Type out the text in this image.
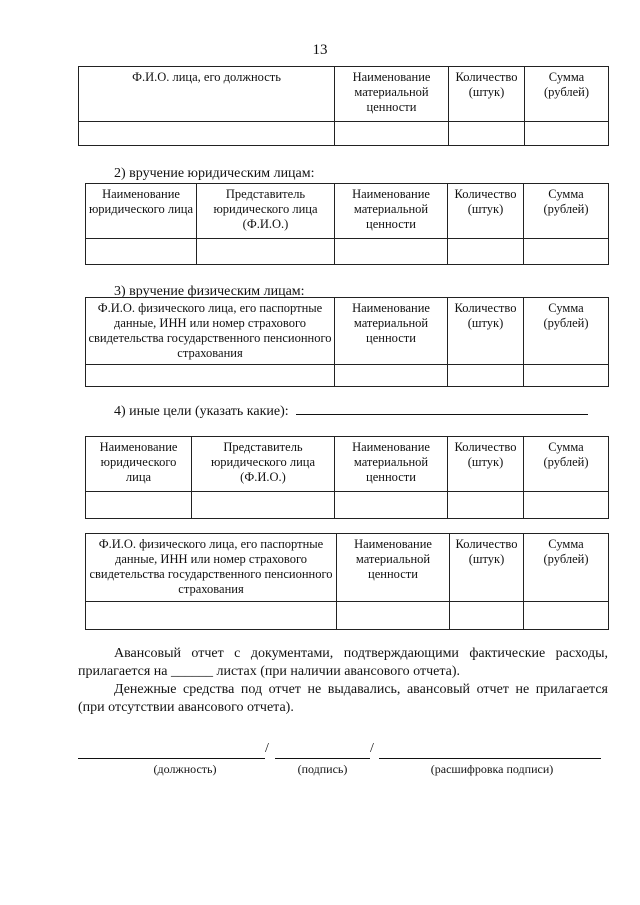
13
Ф.И.О. лица, его должность	Наименование материальной ценности	Количество (штук)	Сумма (рублей)

2) вручение юридическим лицам:
Наименование юридического лица	Представитель юридического лица (Ф.И.О.)	Наименование материальной ценности	Количество (штук)	Сумма (рублей)

3) вручение физическим лицам:
Ф.И.О. физического лица, его паспортные данные, ИНН или номер страхового свидетельства государственного пенсионного страхования	Наименование материальной ценности	Количество (штук)	Сумма (рублей)

4) иные цели (указать какие):
Наименование юридического лица	Представитель юридического лица (Ф.И.О.)	Наименование материальной ценности	Количество (штук)	Сумма (рублей)

Ф.И.О. физического лица, его паспортные данные, ИНН или номер страхового свидетельства государственного пенсионного страхования	Наименование материальной ценности	Количество (штук)	Сумма (рублей)

Авансовый отчет с документами, подтверждающими фактические расходы,
прилагается на ______ листах (при наличии авансового отчета).
Денежные средства под отчет не выдавались, авансовый отчет не прилагается (при отсутствии авансового отчета).
/	/
(должность)	(подпись)	(расшифровка подписи)
